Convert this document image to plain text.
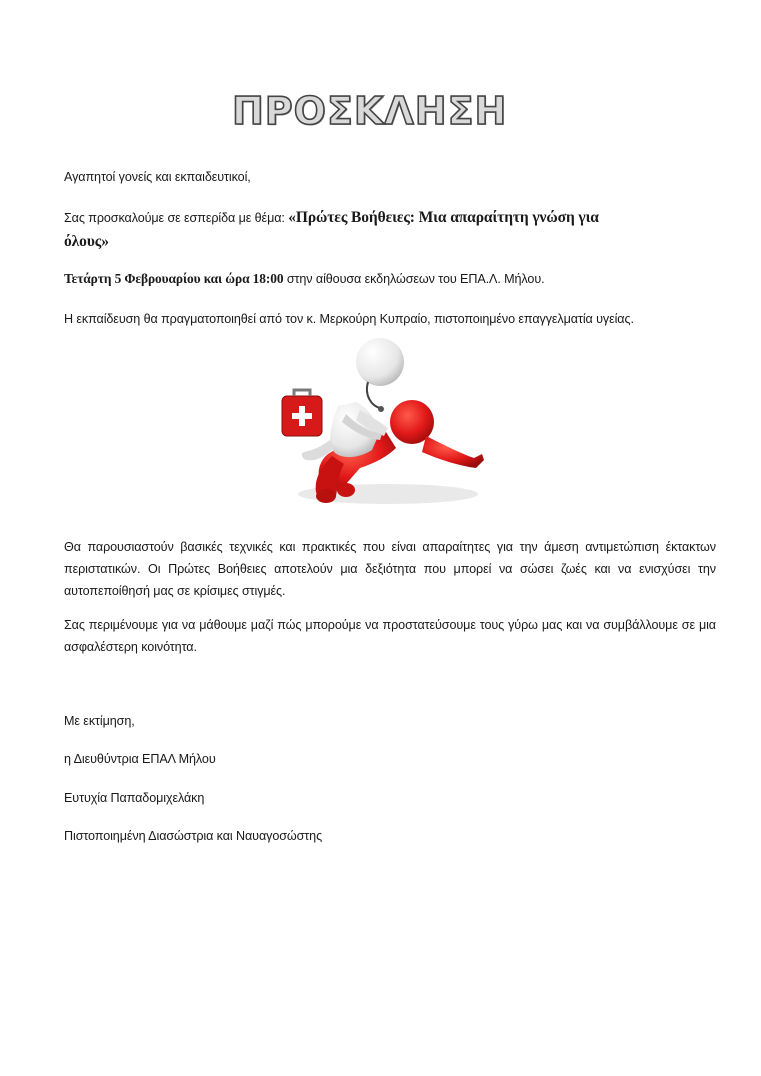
ΠΡΟΣΚΛΗΣΗ
Αγαπητοί γονείς και εκπαιδευτικοί,
Σας προσκαλούμε σε εσπερίδα με θέμα: «Πρώτες Βοήθειες: Μια απαραίτητη γνώση για
όλους»
Τετάρτη 5 Φεβρουαρίου και ώρα 18:00 στην αίθουσα εκδηλώσεων του ΕΠΑ.Λ. Μήλου.
Η εκπαίδευση θα πραγματοποιηθεί από τον κ. Μερκούρη Κυπραίο, πιστοποιημένο επαγγελματία υγείας.
Θα παρουσιαστούν βασικές τεχνικές και πρακτικές που είναι απαραίτητες για την άμεση αντιμετώπιση έκτακτων περιστατικών. Οι Πρώτες Βοήθειες αποτελούν μια δεξιότητα που μπορεί να σώσει ζωές και να ενισχύσει την αυτοπεποίθησή μας σε κρίσιμες στιγμές.
Σας περιμένουμε για να μάθουμε μαζί πώς μπορούμε να προστατεύσουμε τους γύρω μας και να συμβάλλουμε σε μια ασφαλέστερη κοινότητα.
Με εκτίμηση,
η Διευθύντρια ΕΠΑΛ Μήλου
Ευτυχία Παπαδομιχελάκη
Πιστοποιημένη Διασώστρια και Ναυαγοσώστης
